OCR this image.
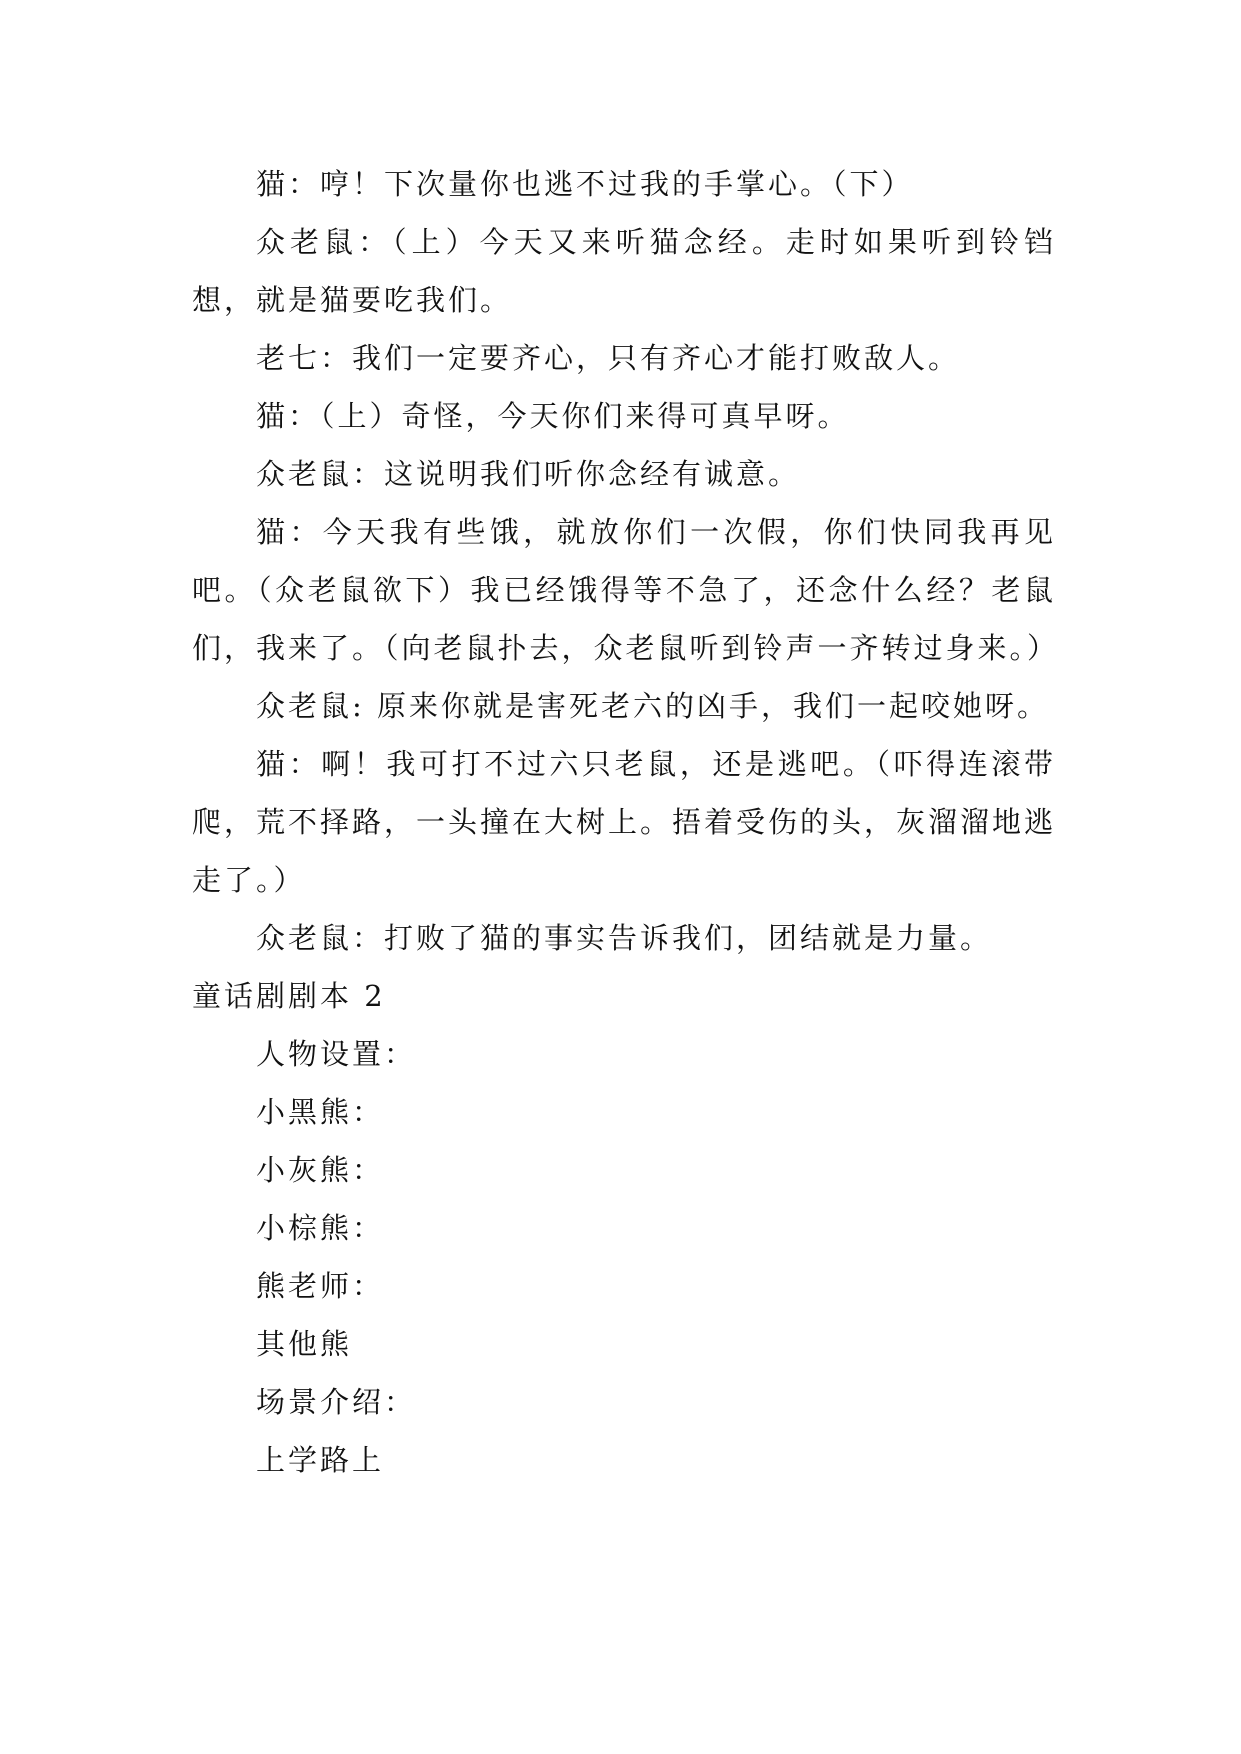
猫：哼！下次量你也逃不过我的手掌心。（下）

众老鼠：（上）今天又来听猫念经。走时如果听到铃铛想，就是猫要吃我们。

老七：我们一定要齐心，只有齐心才能打败敌人。

猫：（上）奇怪，今天你们来得可真早呀。

众老鼠：这说明我们听你念经有诚意。

猫：今天我有些饿，就放你们一次假，你们快同我再见吧。（众老鼠欲下）我已经饿得等不急了，还念什么经？老鼠们，我来了。（向老鼠扑去，众老鼠听到铃声一齐转过身来。）

众老鼠: 原来你就是害死老六的凶手，我们一起咬她呀。

猫：啊！我可打不过六只老鼠，还是逃吧。（吓得连滚带爬，荒不择路，一头撞在大树上。捂着受伤的头，灰溜溜地逃走了。）

众老鼠：打败了猫的事实告诉我们，团结就是力量。

童话剧剧本 2

人物设置：

小黑熊：

小灰熊：

小棕熊：

熊老师：

其他熊

场景介绍：

上学路上
